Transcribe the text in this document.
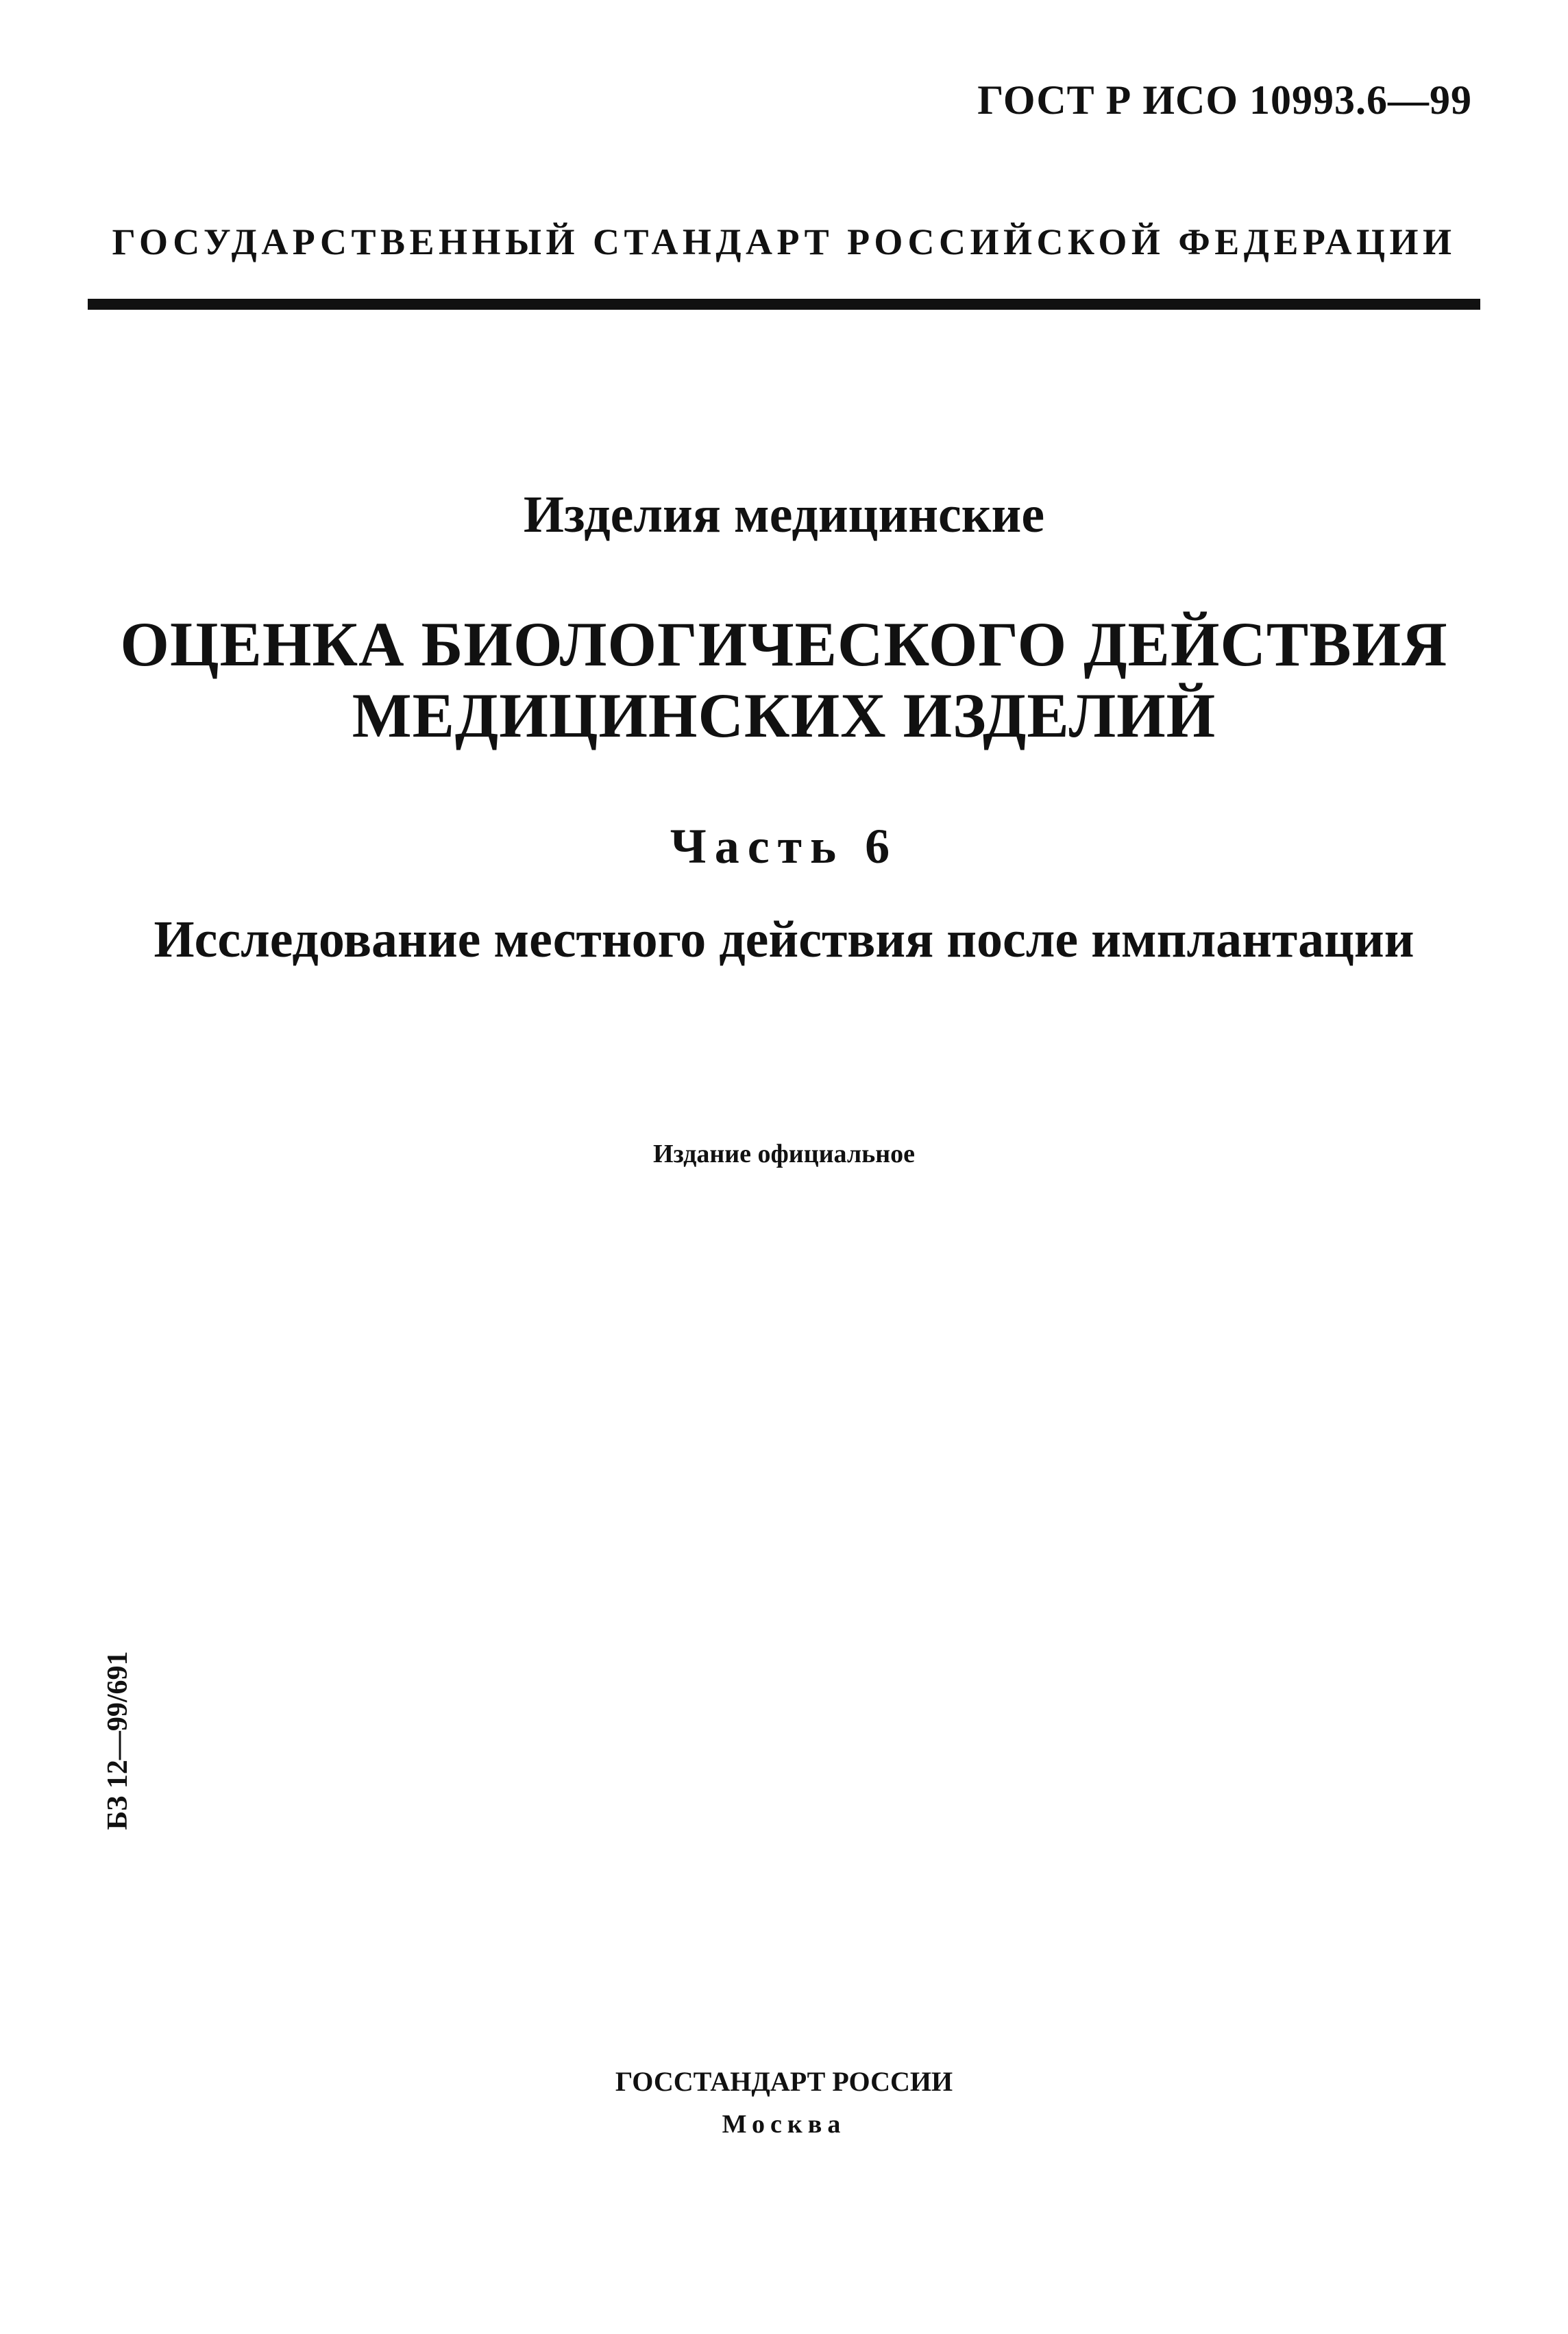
ГОСТ Р ИСО 10993.6—99
ГОСУДАРСТВЕННЫЙ СТАНДАРТ РОССИЙСКОЙ ФЕДЕРАЦИИ
Изделия медицинские
ОЦЕНКА БИОЛОГИЧЕСКОГО ДЕЙСТВИЯ
МЕДИЦИНСКИХ ИЗДЕЛИЙ
Часть 6
Исследование местного действия после имплантации
Издание официальное
БЗ 12—99/691
ГОССТАНДАРТ РОССИИ
Москва
